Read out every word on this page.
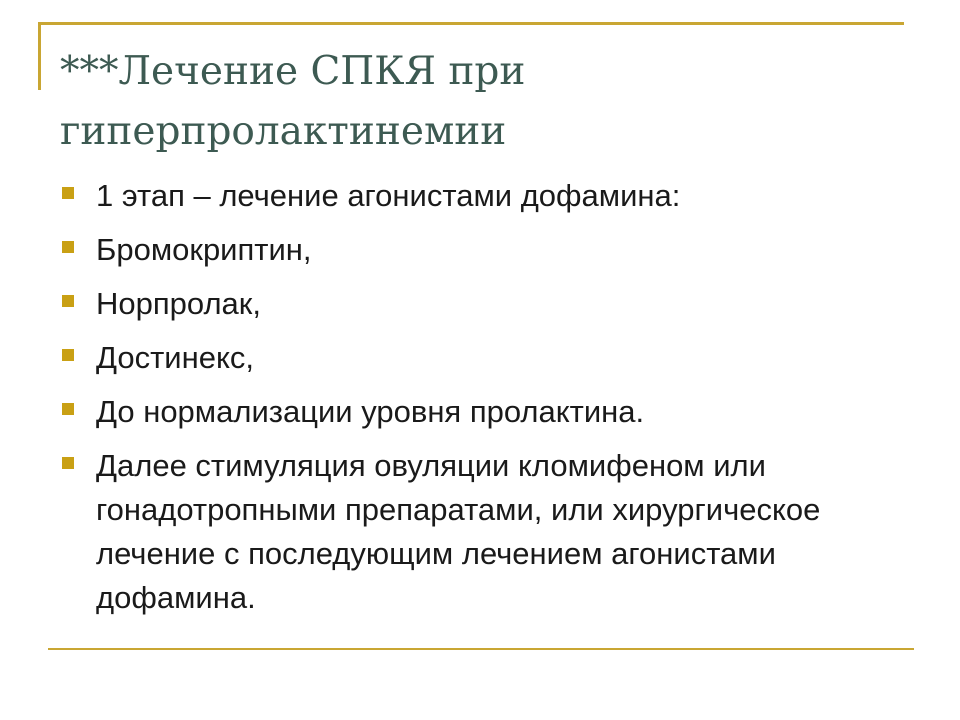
***Лечение СПКЯ при гиперпролактинемии
1 этап – лечение агонистами дофамина:
Бромокриптин,
Норпролак,
Достинекс,
До нормализации уровня пролактина.
Далее стимуляция овуляции кломифеном или гонадотропными препаратами, или хирургическое лечение с последующим лечением агонистами дофамина.
